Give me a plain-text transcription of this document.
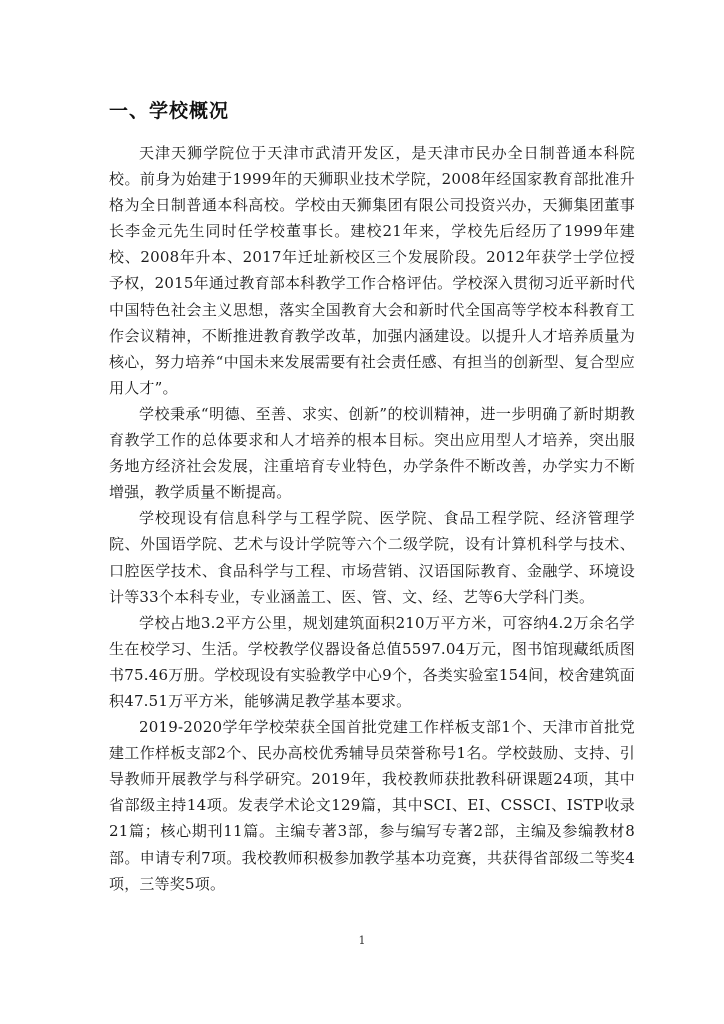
一、学校概况

天津天狮学院位于天津市武清开发区，是天津市民办全日制普通本科院校。前身为始建于1999年的天狮职业技术学院，2008年经国家教育部批准升格为全日制普通本科高校。学校由天狮集团有限公司投资兴办，天狮集团董事长李金元先生同时任学校董事长。建校21年来，学校先后经历了1999年建校、2008年升本、2017年迁址新校区三个发展阶段。2012年获学士学位授予权，2015年通过教育部本科教学工作合格评估。学校深入贯彻习近平新时代中国特色社会主义思想，落实全国教育大会和新时代全国高等学校本科教育工作会议精神，不断推进教育教学改革，加强内涵建设。以提升人才培养质量为核心，努力培养“中国未来发展需要有社会责任感、有担当的创新型、复合型应用人才”。

学校秉承“明德、至善、求实、创新”的校训精神，进一步明确了新时期教育教学工作的总体要求和人才培养的根本目标。突出应用型人才培养，突出服务地方经济社会发展，注重培育专业特色，办学条件不断改善，办学实力不断增强，教学质量不断提高。

学校现设有信息科学与工程学院、医学院、食品工程学院、经济管理学院、外国语学院、艺术与设计学院等六个二级学院，设有计算机科学与技术、口腔医学技术、食品科学与工程、市场营销、汉语国际教育、金融学、环境设计等33个本科专业，专业涵盖工、医、管、文、经、艺等6大学科门类。

学校占地3.2平方公里，规划建筑面积210万平方米，可容纳4.2万余名学生在校学习、生活。学校教学仪器设备总值5597.04万元，图书馆现藏纸质图书75.46万册。学校现设有实验教学中心9个，各类实验室154间，校舍建筑面积47.51万平方米，能够满足教学基本要求。

2019-2020学年学校荣获全国首批党建工作样板支部1个、天津市首批党建工作样板支部2个、民办高校优秀辅导员荣誉称号1名。学校鼓励、支持、引导教师开展教学与科学研究。2019年，我校教师获批教科研课题24项，其中省部级主持14项。发表学术论文129篇，其中SCI、EI、CSSCI、ISTP收录21篇；核心期刊11篇。主编专著3部，参与编写专著2部，主编及参编教材8部。申请专利7项。我校教师积极参加教学基本功竞赛，共获得省部级二等奖4项，三等奖5项。

1
